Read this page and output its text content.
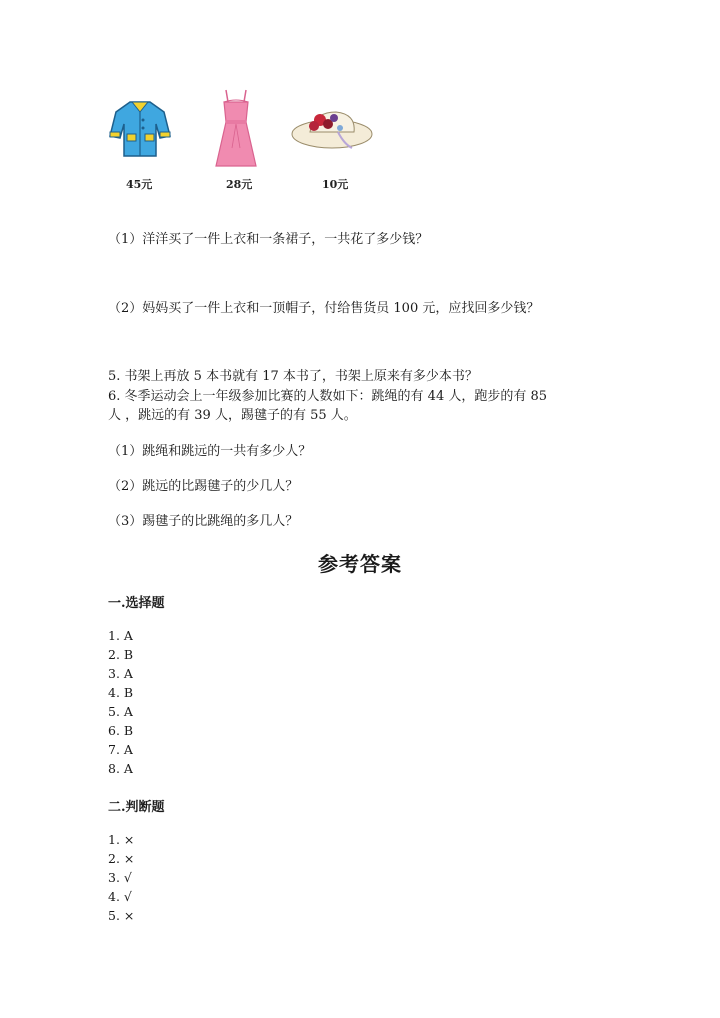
45元	28元	10元
（1）洋洋买了一件上衣和一条裙子，一共花了多少钱？
（2）妈妈买了一件上衣和一顶帽子，付给售货员 100 元，应找回多少钱？
5. 书架上再放 5 本书就有 17 本书了，书架上原来有多少本书？
6. 冬季运动会上一年级参加比赛的人数如下：跳绳的有 44 人，跑步的有 85
人 ，跳远的有 39 人，踢毽子的有 55 人。
（1）跳绳和跳远的一共有多少人？
（2）跳远的比踢毽子的少几人？
（3）踢毽子的比跳绳的多几人？
参考答案
一.选择题
1. A
2. B
3. A
4. B
5. A
6. B
7. A
8. A
二.判断题
1. ×
2. ×
3. √
4. √
5. ×
